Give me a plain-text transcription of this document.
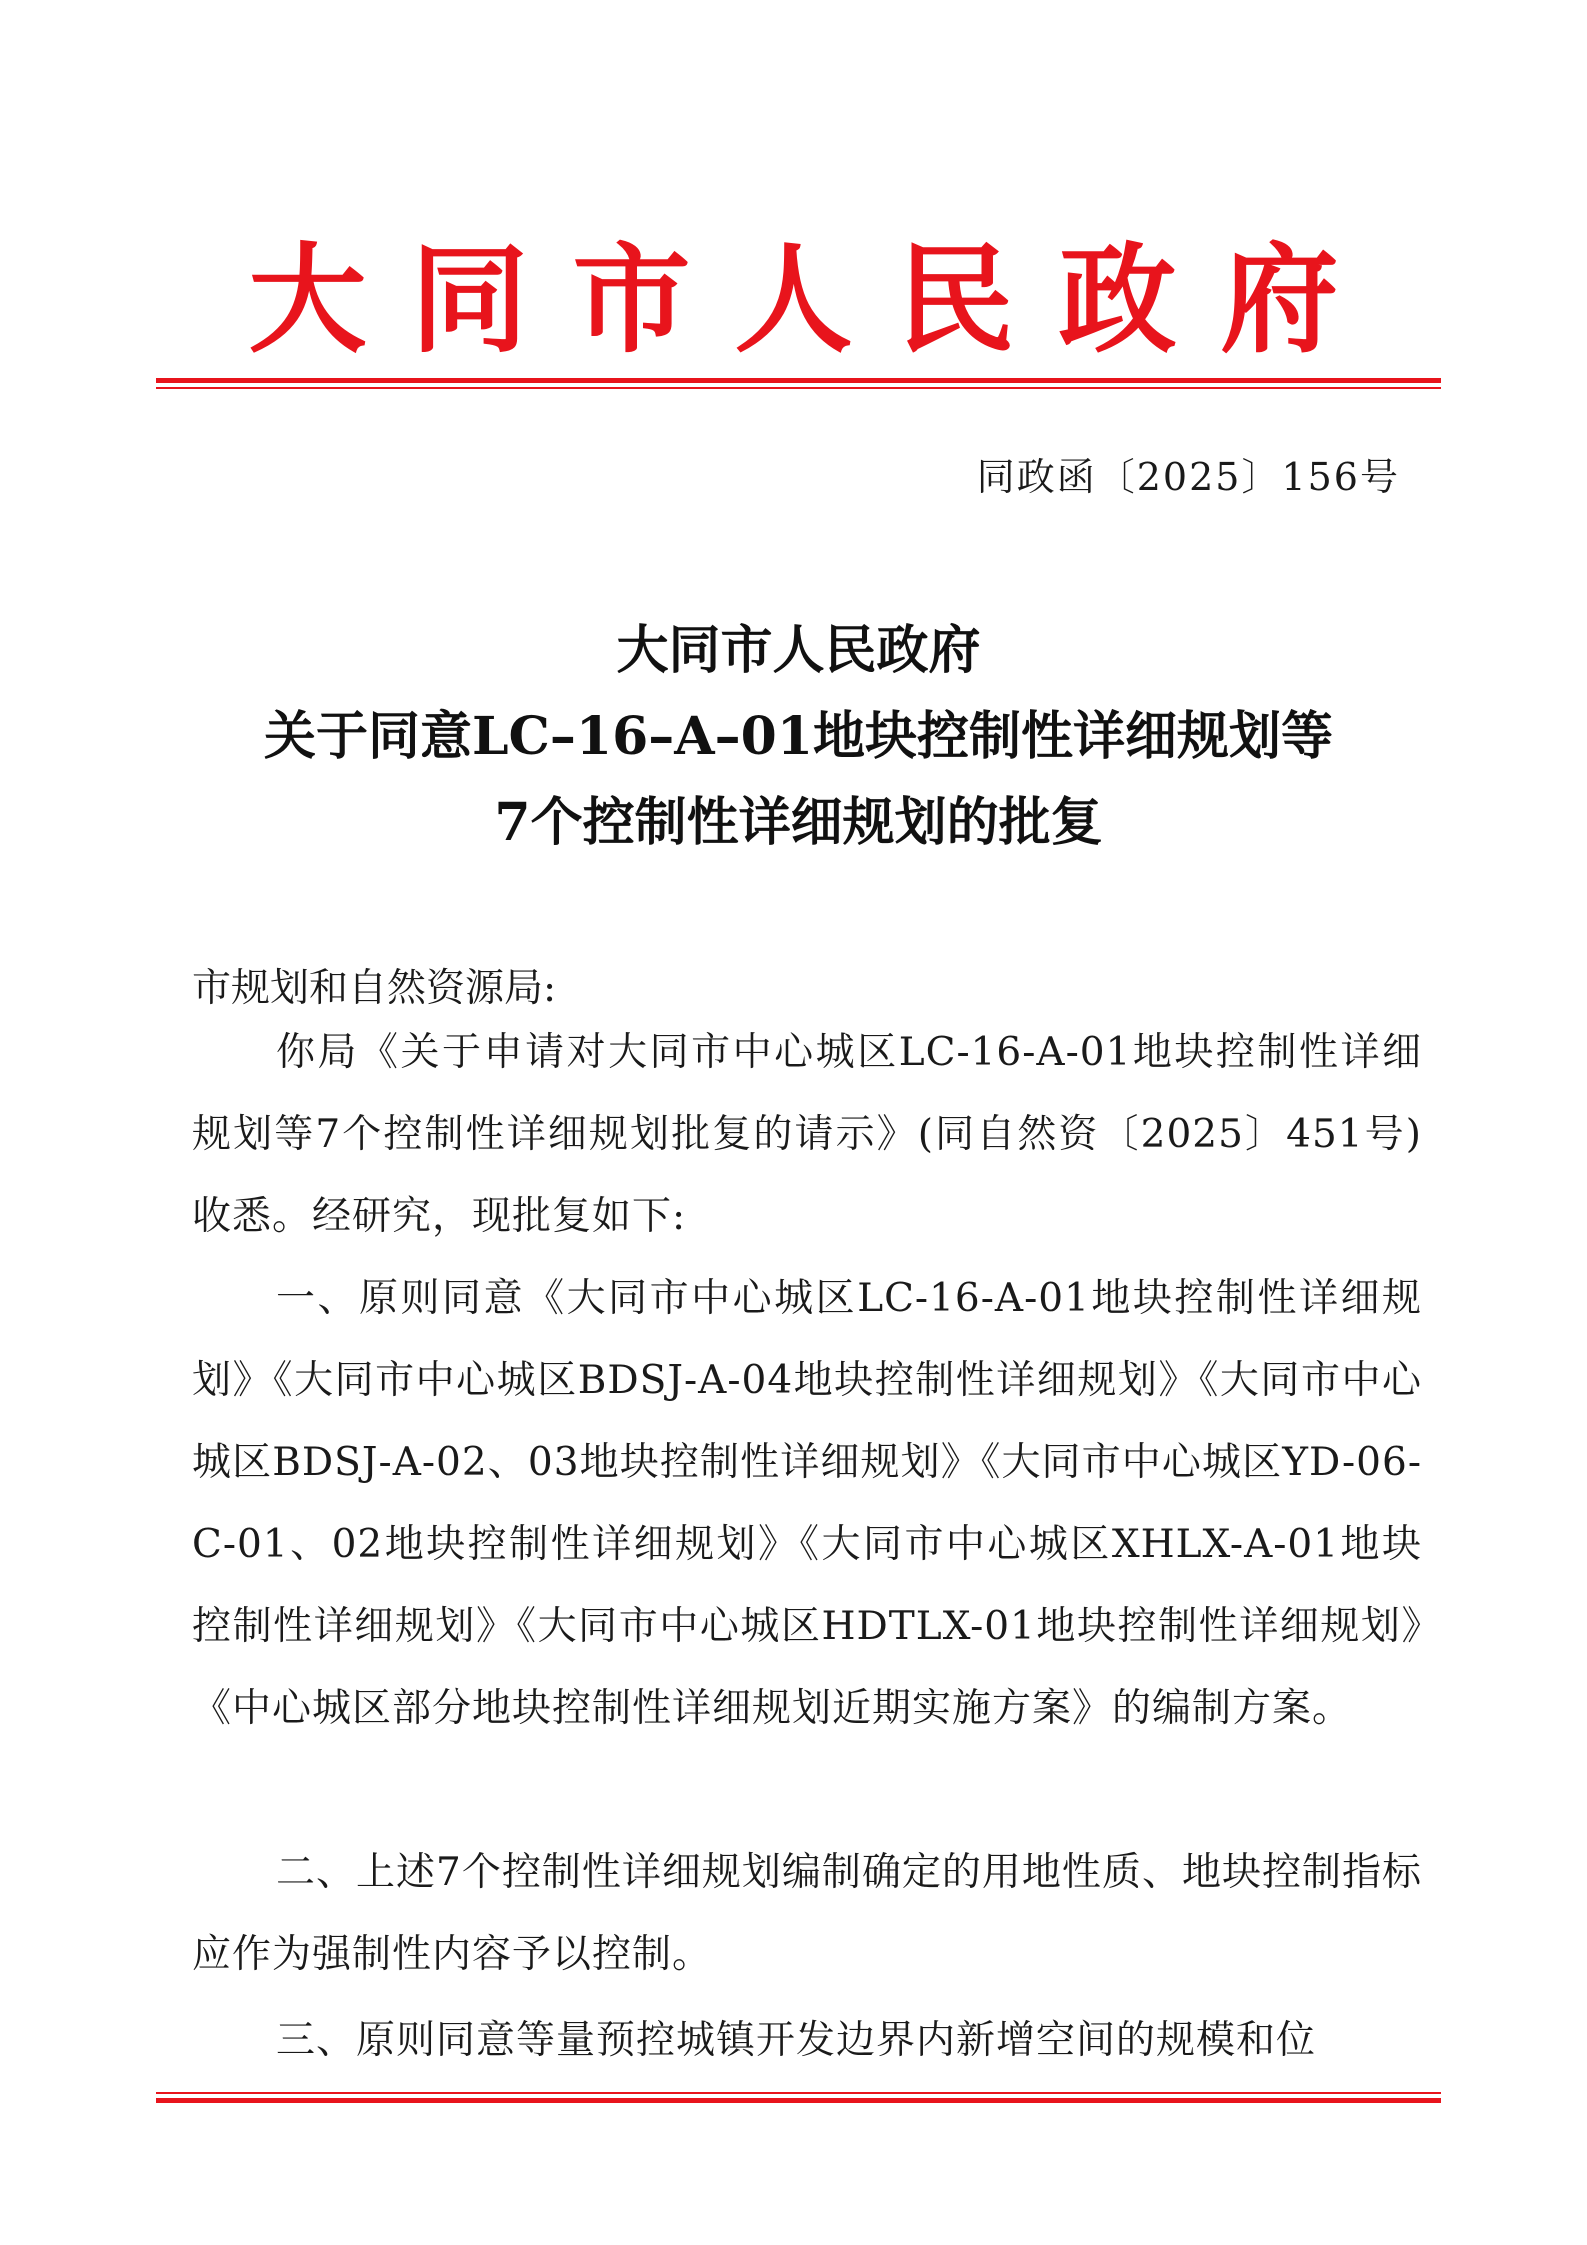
大同市人民政府
同政函〔2025〕156号
大同市人民政府
关于同意LC–16–A–01地块控制性详细规划等
7个控制性详细规划的批复
市规划和自然资源局:

你局《关于申请对大同市中心城区LC-16-A-01地块控制性详细规划等7个控制性详细规划批复的请示》(同自然资〔2025〕451号)收悉。经研究，现批复如下:

一、原则同意《大同市中心城区LC-16-A-01地块控制性详细规划》《大同市中心城区BDSJ-A-04地块控制性详细规划》《大同市中心城区BDSJ-A-02、03地块控制性详细规划》《大同市中心城区YD-06-C-01、02地块控制性详细规划》《大同市中心城区XHLX-A-01地块控制性详细规划》《大同市中心城区HDTLX-01地块控制性详细规划》《中心城区部分地块控制性详细规划近期实施方案》的编制方案。

二、上述7个控制性详细规划编制确定的用地性质、地块控制指标应作为强制性内容予以控制。

三、原则同意等量预控城镇开发边界内新增空间的规模和位
